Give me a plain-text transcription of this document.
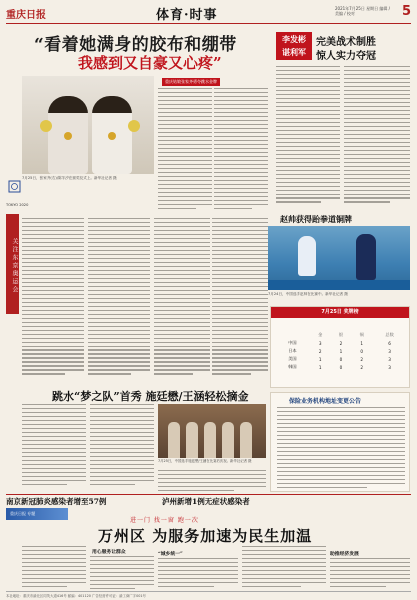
重庆日报	体育·时事	2021年7月25日 星期日 编辑 / 美编 / 校对	5
“看着她满身的胶布和绷带
我感到又自豪又心疼”
7月25日，张家齐(右)/陈芋汐在颁奖仪式上。新华社记者 摄
TOKYO 2020
关注东京奥运会
重庆姑娘张家齐勇夺跳水金牌
李发彬
谌利军
完美战术制胜
惊人实力夺冠
赵帅获得跆拳道铜牌
7月24日，中国选手赵帅在比赛中。新华社记者 摄
7月25日 奖牌榜
	金	银	铜	总数
中国	3	2	1	6
日本	2	1	0	3
美国	1	0	2	3
韩国	1	0	2	3
跳水“梦之队”首秀 施廷懋/王涵轻松摘金
7月25日，中国选手施廷懋/王涵在比赛后庆祝。新华社记者 摄
保险业务机构地址变更公告
南京新冠肺炎感染者增至57例	泸州新增1例无症状感染者
重庆日报 专题
进一门 找一窗 跑一次
万州区 为服务加速为民生加温
用心服务让群众	“城乡统一”	助推经济发展
本社地址：重庆市渝北区同茂大道416号 邮编：401120 广告经营许可证：渝工商广字001号
